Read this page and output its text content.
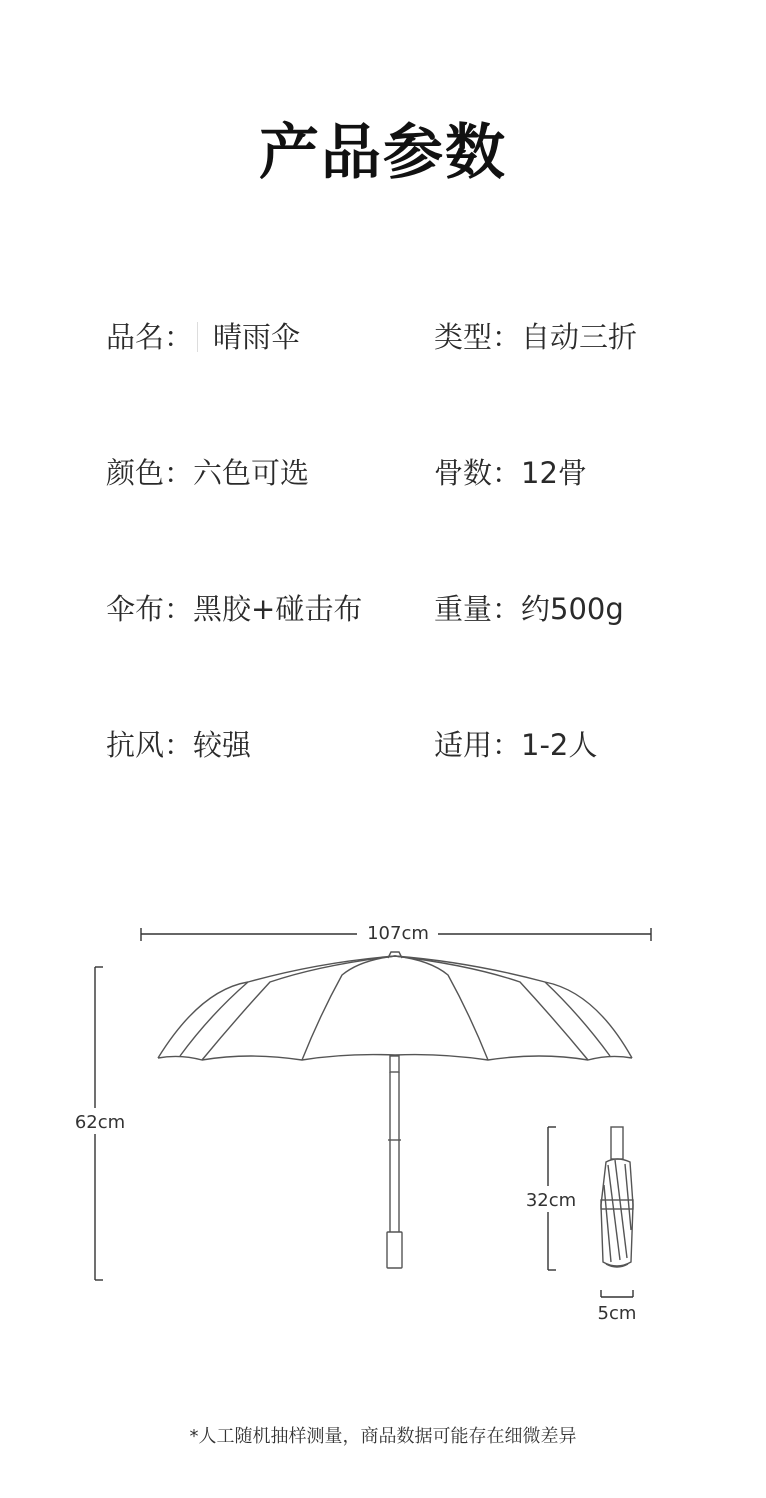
产品参数
品名： 晴雨伞	类型：自动三折
颜色：六色可选	骨数：12骨
伞布：黑胶+碰击布 重量：约500g
抗风：较强	适用：1-2人
107cm
62cm
32cm
5cm

*人工随机抽样测量，商品数据可能存在细微差异
